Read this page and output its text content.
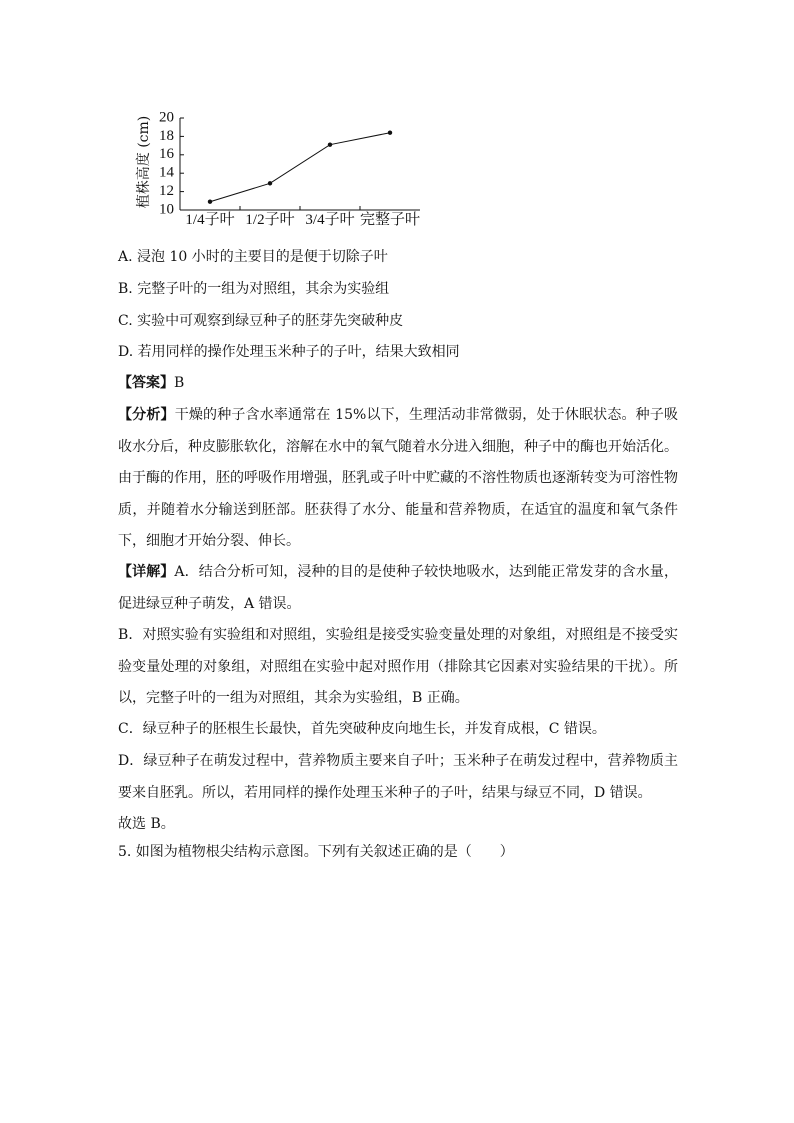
10
12
14
16
18
20
1/4子叶 1/2子叶 3/4子叶 完整子叶
植株高度 (cm)
A. 浸泡 10 小时的主要目的是便于切除子叶
B. 完整子叶的一组为对照组，其余为实验组
C. 实验中可观察到绿豆种子的胚芽先突破种皮
D. 若用同样的操作处理玉米种子的子叶，结果大致相同
【答案】B
【分析】干燥的种子含水率通常在 15%以下，生理活动非常微弱，处于休眠状态。种子吸收水分后，种皮膨胀软化，溶解在水中的氧气随着水分进入细胞，种子中的酶也开始活化。由于酶的作用，胚的呼吸作用增强，胚乳或子叶中贮藏的不溶性物质也逐渐转变为可溶性物质，并随着水分输送到胚部。胚获得了水分、能量和营养物质，在适宜的温度和氧气条件下，细胞才开始分裂、伸长。
【详解】A．结合分析可知，浸种的目的是使种子较快地吸水，达到能正常发芽的含水量，促进绿豆种子萌发，A 错误。
B．对照实验有实验组和对照组，实验组是接受实验变量处理的对象组，对照组是不接受实验变量处理的对象组，对照组在实验中起对照作用（排除其它因素对实验结果的干扰）。所以，完整子叶的一组为对照组，其余为实验组，B 正确。
C．绿豆种子的胚根生长最快，首先突破种皮向地生长，并发育成根，C 错误。
D．绿豆种子在萌发过程中，营养物质主要来自子叶；玉米种子在萌发过程中，营养物质主要来自胚乳。所以，若用同样的操作处理玉米种子的子叶，结果与绿豆不同，D 错误。
故选 B。
5. 如图为植物根尖结构示意图。下列有关叙述正确的是（　　）
